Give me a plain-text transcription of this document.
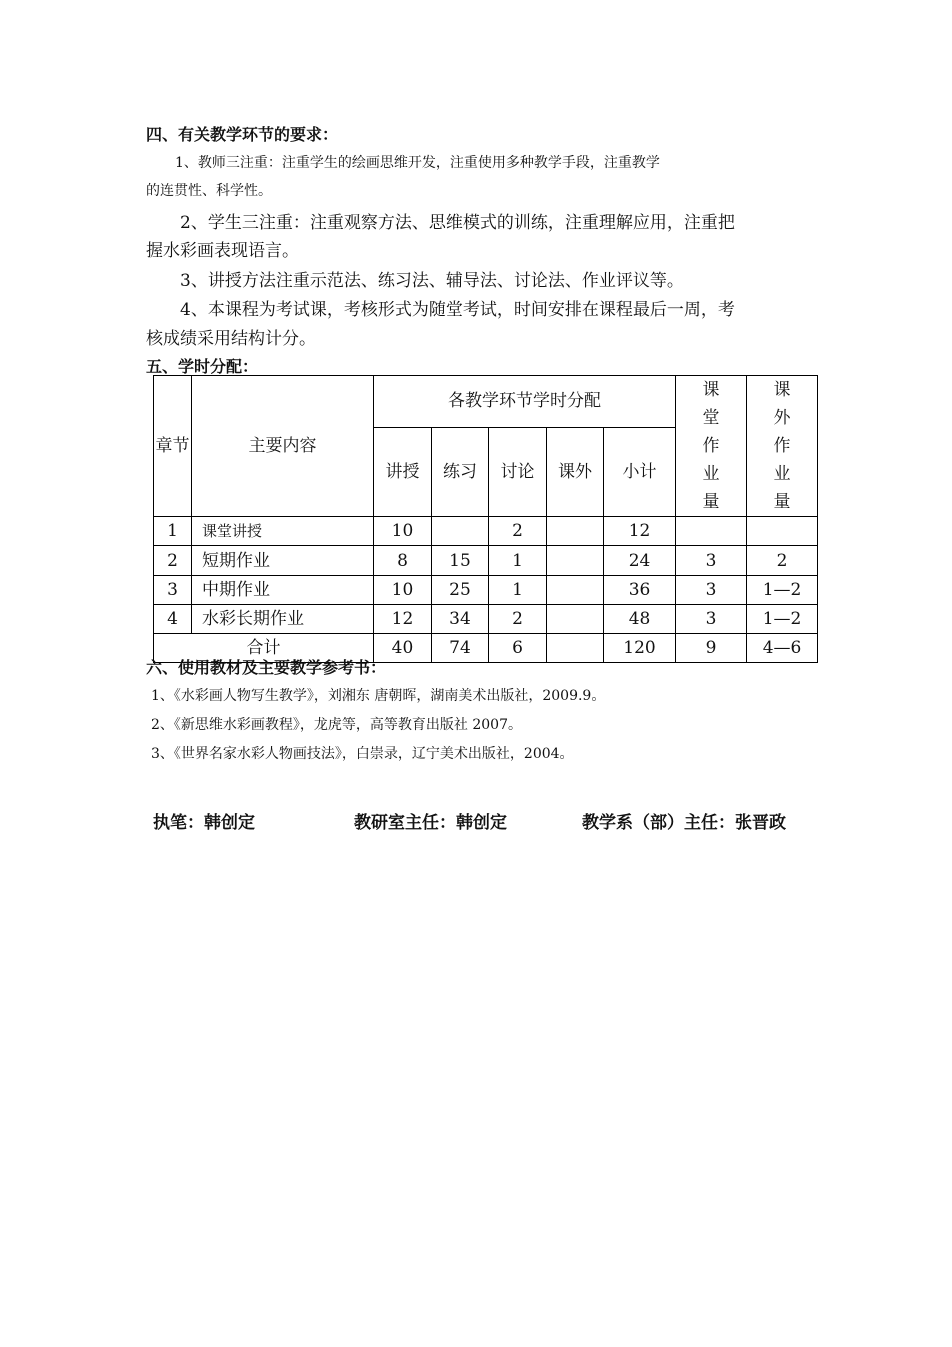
四、有关教学环节的要求：
1、教师三注重：注重学生的绘画思维开发，注重使用多种教学手段，注重教学
的连贯性、科学性。
2、学生三注重：注重观察方法、思维模式的训练，注重理解应用，注重把
握水彩画表现语言。
3、讲授方法注重示范法、练习法、辅导法、讨论法、作业评议等。
4、本课程为考试课，考核形式为随堂考试，时间安排在课程最后一周，考
核成绩采用结构计分。
五、学时分配：
章节	主要内容	各教学环节学时分配					课堂作业量	课外作业量
		讲授	练习	讨论	课外	小计		
1	课堂讲授	10		2		12		
2	短期作业	8	15	1		24	3	2
3	中期作业	10	25	1		36	3	1—2
4	水彩长期作业	12	34	2		48	3	1—2
合计		40	74	6		120	9	4—6
六、使用教材及主要教学参考书：
1、《水彩画人物写生教学》，刘湘东 唐朝晖，湖南美术出版社，2009.9。
2、《新思维水彩画教程》，龙虎等，高等教育出版社 2007。
3、《世界名家水彩人物画技法》，白崇录，辽宁美术出版社，2004。
执笔：韩创定	教研室主任：韩创定	教学系（部）主任：张晋政
